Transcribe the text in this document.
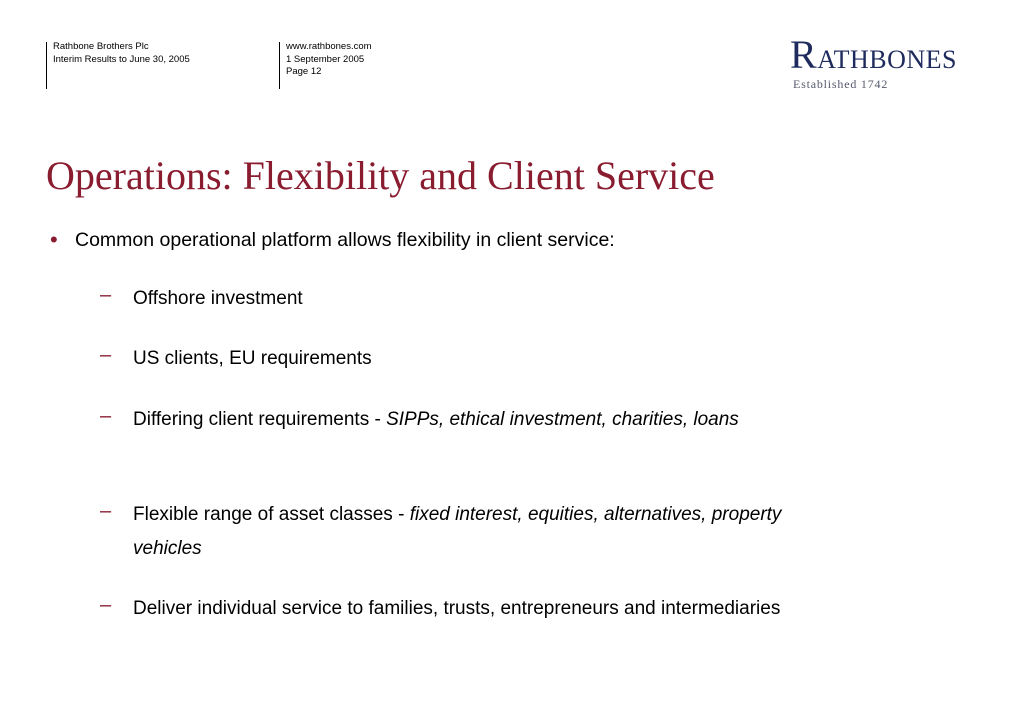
Rathbone Brothers Plc
Interim Results to June 30, 2005
www.rathbones.com
1 September 2005
Page 12	RATHBONES
Established 1742
Operations: Flexibility and Client Service
• Common operational platform allows flexibility in client service:
– Offshore investment
– US clients, EU requirements
– Differing client requirements - SIPPs, ethical investment, charities, loans
– Flexible range of asset classes - fixed interest, equities, alternatives, property vehicles
– Deliver individual service to families, trusts, entrepreneurs and intermediaries
